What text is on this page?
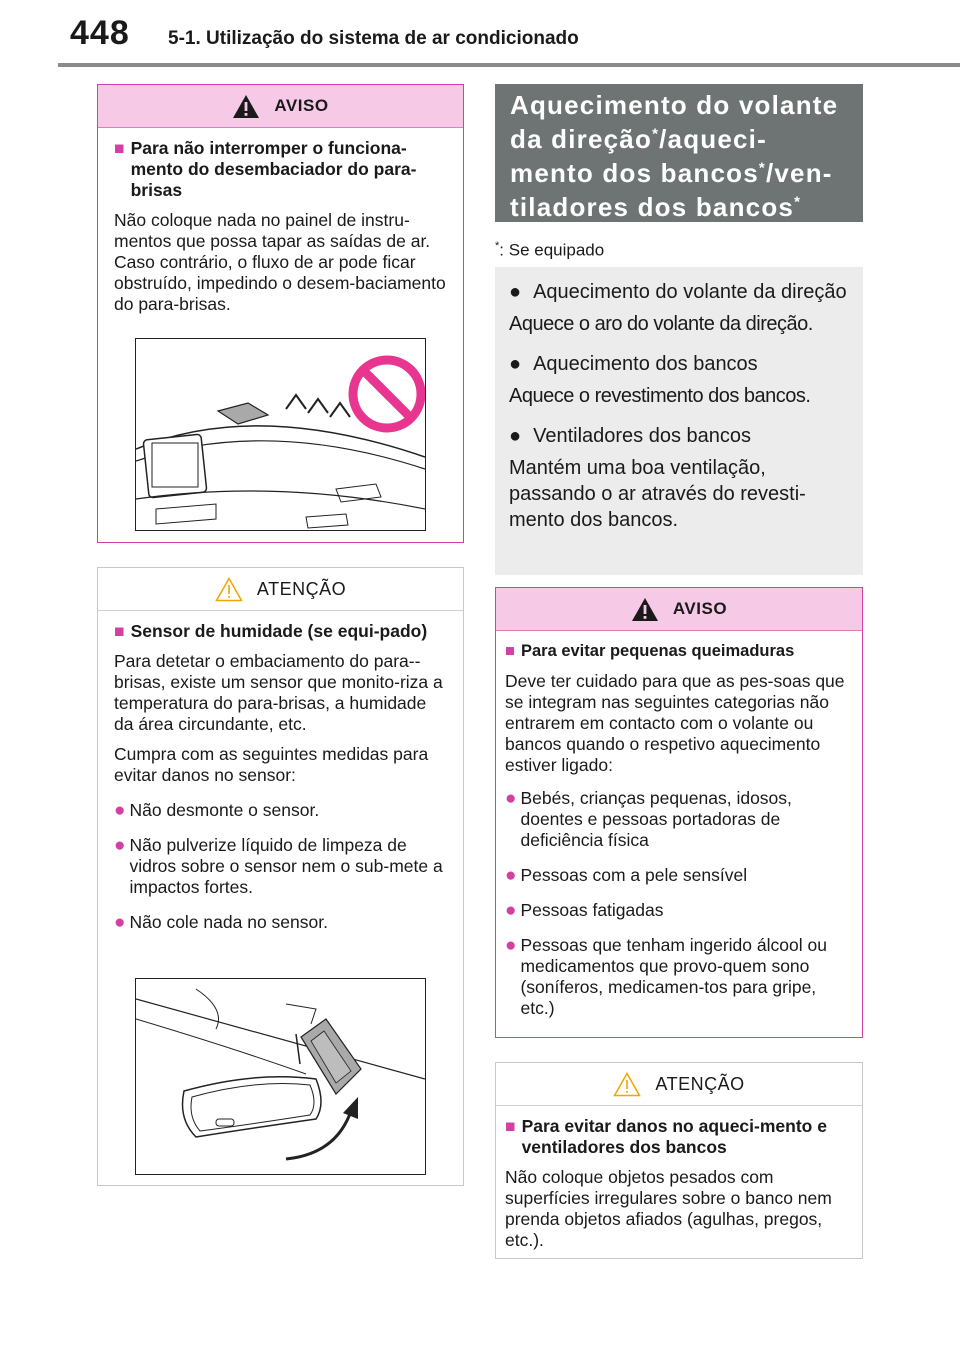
448 5-1. Utilização do sistema de ar condicionado
AVISO
■ Para não interromper o funciona-mento do desembaciador do para-brisas
Não coloque nada no painel de instru-mentos que possa tapar as saídas de ar. Caso contrário, o fluxo de ar pode ficar obstruído, impedindo o desem-baciamento do para-brisas.
ATENÇÃO
■ Sensor de humidade (se equi-pado)
Para detetar o embaciamento do para--brisas, existe um sensor que monito-riza a temperatura do para-brisas, a humidade da área circundante, etc.
Cumpra com as seguintes medidas para evitar danos no sensor:
● Não desmonte o sensor.
● Não pulverize líquido de limpeza de vidros sobre o sensor nem o sub-mete a impactos fortes.
● Não cole nada no sensor.
Aquecimento do volante
da direção*/aqueci-
mento dos bancos*/ven-
tiladores dos bancos*
*: Se equipado
● Aquecimento do volante da direção
Aquece o aro do volante da direção.
● Aquecimento dos bancos
Aquece o revestimento dos bancos.
● Ventiladores dos bancos
Mantém uma boa ventilação, passando o ar através do revesti-mento dos bancos.
AVISO
■ Para evitar pequenas queimaduras
Deve ter cuidado para que as pes-soas que se integram nas seguintes categorias não entrarem em contacto com o volante ou bancos quando o respetivo aquecimento estiver ligado:
● Bebés, crianças pequenas, idosos, doentes e pessoas portadoras de deficiência física
● Pessoas com a pele sensível
● Pessoas fatigadas
● Pessoas que tenham ingerido álcool ou medicamentos que provo-quem sono (soníferos, medicamen-tos para gripe, etc.)
ATENÇÃO
■ Para evitar danos no aqueci-mento e ventiladores dos bancos
Não coloque objetos pesados com superfícies irregulares sobre o banco nem prenda objetos afiados (agulhas, pregos, etc.).
